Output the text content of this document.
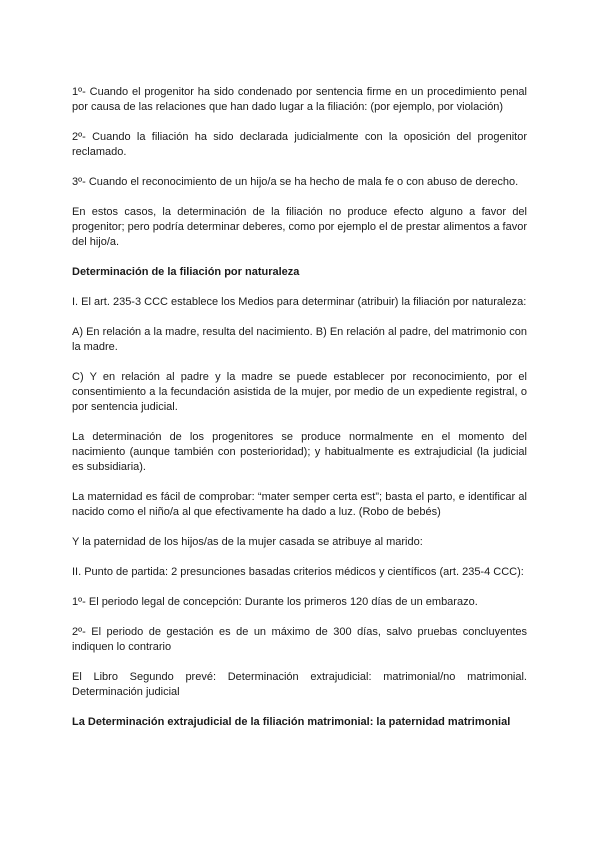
1º- Cuando el progenitor ha sido condenado por sentencia firme en un procedimiento penal por causa de las relaciones que han dado lugar a la filiación: (por ejemplo, por violación)

2º- Cuando la filiación ha sido declarada judicialmente con la oposición del progenitor reclamado.

3º- Cuando el reconocimiento de un hijo/a se ha hecho de mala fe o con abuso de derecho.

En estos casos, la determinación de la filiación no produce efecto alguno a favor del progenitor; pero podría determinar deberes, como por ejemplo el de prestar alimentos a favor del hijo/a.

Determinación de la filiación por naturaleza

I. El art. 235-3 CCC establece los Medios para determinar (atribuir) la filiación por naturaleza:

A) En relación a la madre, resulta del nacimiento. B) En relación al padre, del matrimonio con la madre.

C) Y en relación al padre y la madre se puede establecer por reconocimiento, por el consentimiento a la fecundación asistida de la mujer, por medio de un expediente registral, o por sentencia judicial.

La determinación de los progenitores se produce normalmente en el momento del nacimiento (aunque también con posterioridad); y habitualmente es extrajudicial (la judicial es subsidiaria).

La maternidad es fácil de comprobar: “mater semper certa est”; basta el parto, e identificar al nacido como el niño/a al que efectivamente ha dado a luz. (Robo de bebés)

Y la paternidad de los hijos/as de la mujer casada se atribuye al marido:

II. Punto de partida: 2 presunciones basadas criterios médicos y científicos (art. 235-4 CCC):

1º- El periodo legal de concepción: Durante los primeros 120 días de un embarazo.

2º- El periodo de gestación es de un máximo de 300 días, salvo pruebas concluyentes indiquen lo contrario

El Libro Segundo prevé: Determinación extrajudicial: matrimonial/no matrimonial. Determinación judicial

La Determinación extrajudicial de la filiación matrimonial: la paternidad matrimonial
